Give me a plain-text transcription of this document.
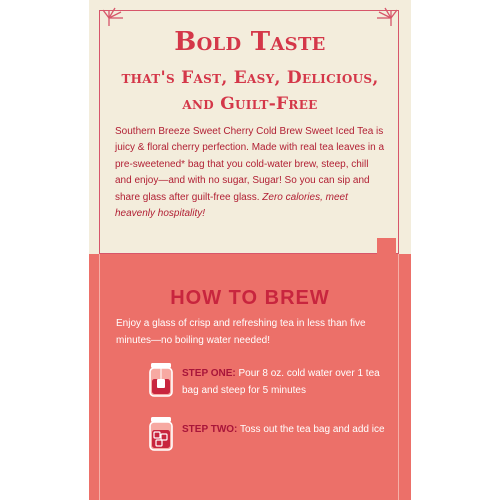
Bold Taste
that's Fast, Easy, Delicious,
and Guilt-Free
Southern Breeze Sweet Cherry Cold Brew Sweet Iced Tea is juicy & floral cherry perfection. Made with real tea leaves in a pre-sweetened* bag that you cold-water brew, steep, chill and enjoy—and with no sugar, Sugar! So you can sip and share glass after guilt-free glass. Zero calories, meet heavenly hospitality!
HOW TO BREW
Enjoy a glass of crisp and refreshing tea in less than five minutes—no boiling water needed!
STEP ONE: Pour 8 oz. cold water over 1 tea bag and steep for 5 minutes
STEP TWO: Toss out the tea bag and add ice
